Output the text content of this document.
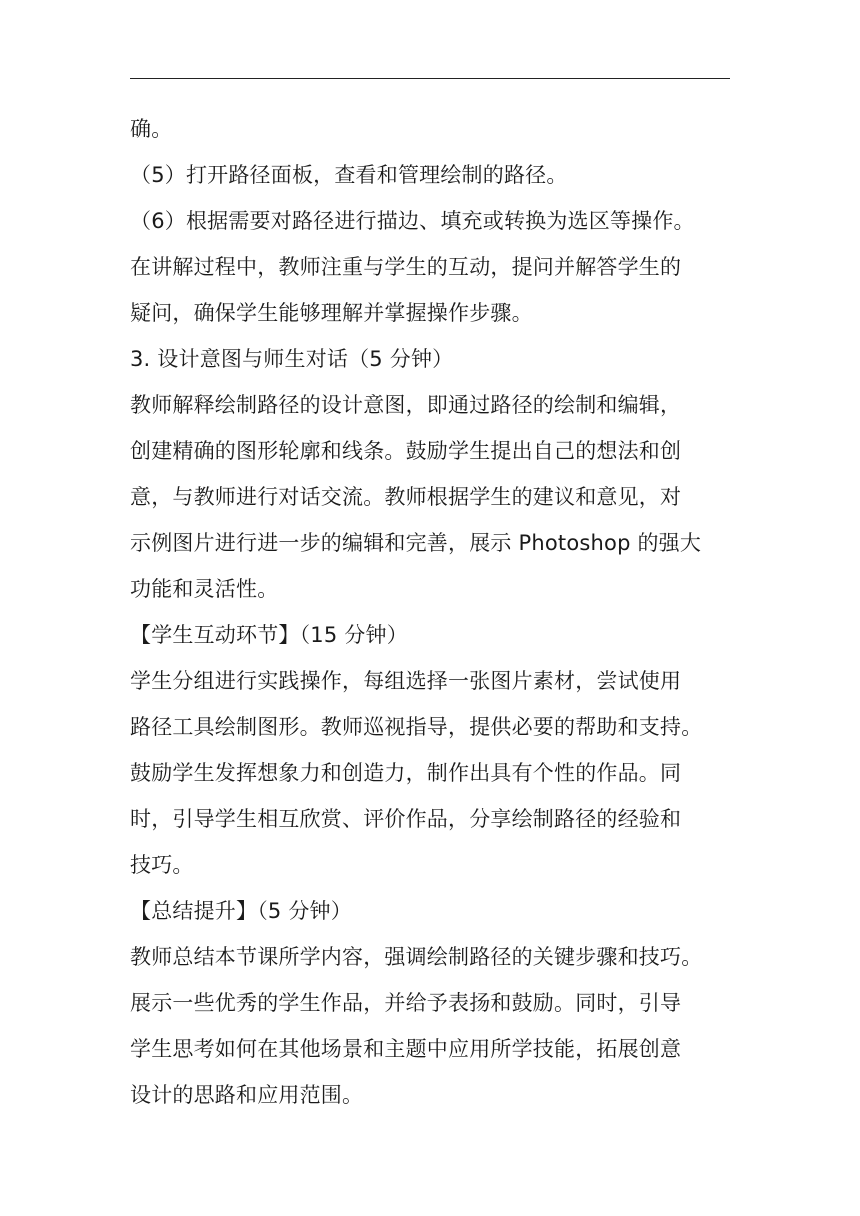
确。
（5）打开路径面板，查看和管理绘制的路径。
（6）根据需要对路径进行描边、填充或转换为选区等操作。
在讲解过程中，教师注重与学生的互动，提问并解答学生的
疑问，确保学生能够理解并掌握操作步骤。
3. 设计意图与师生对话（5 分钟）
教师解释绘制路径的设计意图，即通过路径的绘制和编辑，
创建精确的图形轮廓和线条。鼓励学生提出自己的想法和创
意，与教师进行对话交流。教师根据学生的建议和意见，对
示例图片进行进一步的编辑和完善，展示 Photoshop 的强大
功能和灵活性。
【学生互动环节】（15 分钟）
学生分组进行实践操作，每组选择一张图片素材，尝试使用
路径工具绘制图形。教师巡视指导，提供必要的帮助和支持。
鼓励学生发挥想象力和创造力，制作出具有个性的作品。同
时，引导学生相互欣赏、评价作品，分享绘制路径的经验和
技巧。
【总结提升】（5 分钟）
教师总结本节课所学内容，强调绘制路径的关键步骤和技巧。
展示一些优秀的学生作品，并给予表扬和鼓励。同时，引导
学生思考如何在其他场景和主题中应用所学技能，拓展创意
设计的思路和应用范围。
